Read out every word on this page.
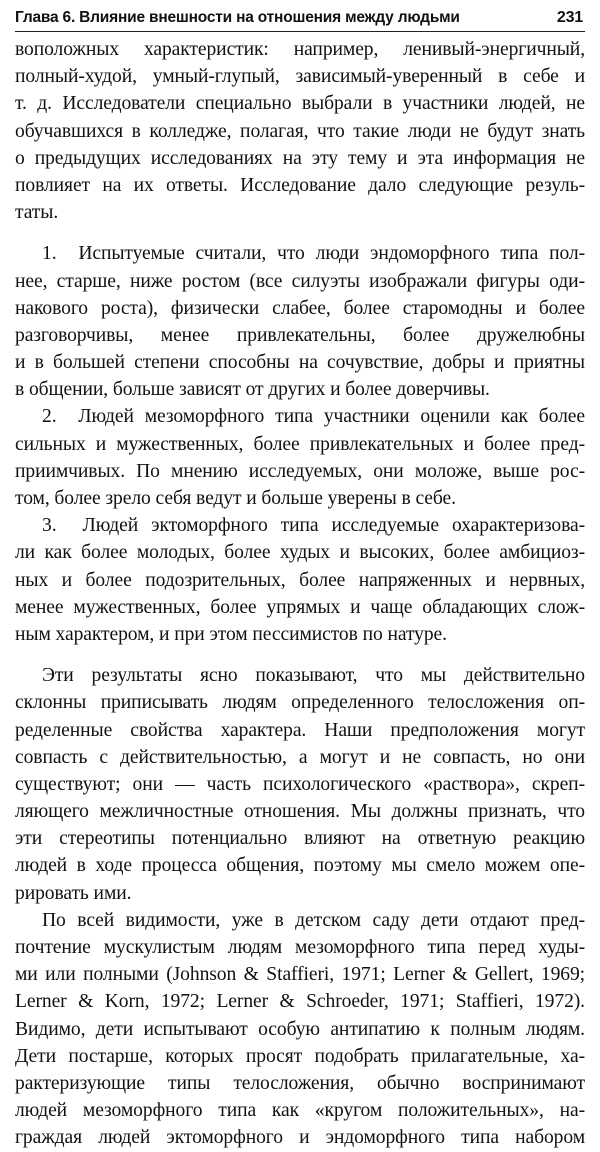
Глава 6. Влияние внешности на отношения между людьми	231
воположных характеристик: например, ленивый-энергичный,
полный-худой, умный-глупый, зависимый-уверенный в себе и
т. д. Исследователи специально выбрали в участники людей, не
обучавшихся в колледже, полагая, что такие люди не будут знать
о предыдущих исследованиях на эту тему и эта информация не
повлияет на их ответы. Исследование дало следующие резуль-
таты.
1. Испытуемые считали, что люди эндоморфного типа пол-
нее, старше, ниже ростом (все силуэты изображали фигуры оди-
накового роста), физически слабее, более старомодны и более
разговорчивы, менее привлекательны, более дружелюбны
и в большей степени способны на сочувствие, добры и приятны
в общении, больше зависят от других и более доверчивы.
2. Людей мезоморфного типа участники оценили как более
сильных и мужественных, более привлекательных и более пред-
приимчивых. По мнению исследуемых, они моложе, выше рос-
том, более зрело себя ведут и больше уверены в себе.
3. Людей эктоморфного типа исследуемые охарактеризова-
ли как более молодых, более худых и высоких, более амбициоз-
ных и более подозрительных, более напряженных и нервных,
менее мужественных, более упрямых и чаще обладающих слож-
ным характером, и при этом пессимистов по натуре.
Эти результаты ясно показывают, что мы действительно
склонны приписывать людям определенного телосложения оп-
ределенные свойства характера. Наши предположения могут
совпасть с действительностью, а могут и не совпасть, но они
существуют; они — часть психологического «раствора», скреп-
ляющего межличностные отношения. Мы должны признать, что
эти стереотипы потенциально влияют на ответную реакцию
людей в ходе процесса общения, поэтому мы смело можем опе-
рировать ими.
По всей видимости, уже в детском саду дети отдают пред-
почтение мускулистым людям мезоморфного типа перед худы-
ми или полными (Johnson & Staffieri, 1971; Lerner & Gellert, 1969;
Lerner & Korn, 1972; Lerner & Schroeder, 1971; Staffieri, 1972).
Видимо, дети испытывают особую антипатию к полным людям.
Дети постарше, которых просят подобрать прилагательные, ха-
рактеризующие типы телосложения, обычно воспринимают
людей мезоморфного типа как «кругом положительных», на-
граждая людей эктоморфного и эндоморфного типа набором
